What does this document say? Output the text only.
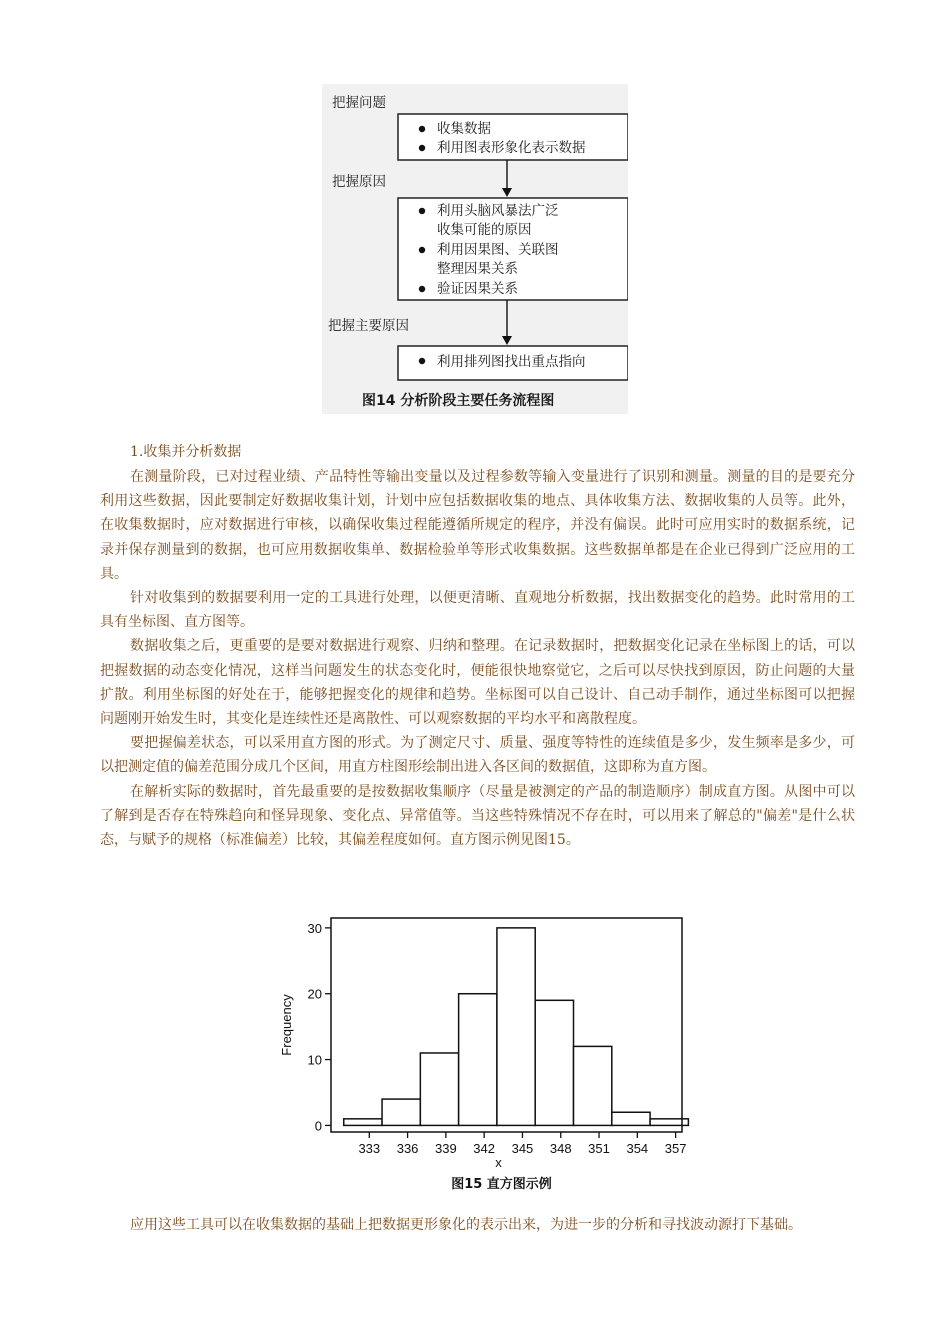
把握问题
收集数据
利用图表形象化表示数据
把握原因
利用头脑风暴法广泛
收集可能的原因
利用因果图、关联图
整理因果关系
验证因果关系
把握主要原因
利用排列图找出重点指向
图14 分析阶段主要任务流程图
1.收集并分析数据

在测量阶段，已对过程业绩、产品特性等输出变量以及过程参数等输入变量进行了识别和测量。测量的目的是要充分利用这些数据，因此要制定好数据收集计划，计划中应包括数据收集的地点、具体收集方法、数据收集的人员等。此外，在收集数据时，应对数据进行审核，以确保收集过程能遵循所规定的程序，并没有偏误。此时可应用实时的数据系统，记录并保存测量到的数据，也可应用数据收集单、数据检验单等形式收集数据。这些数据单都是在企业已得到广泛应用的工具。

针对收集到的数据要利用一定的工具进行处理，以便更清晰、直观地分析数据，找出数据变化的趋势。此时常用的工具有坐标图、直方图等。

数据收集之后，更重要的是要对数据进行观察、归纳和整理。在记录数据时，把数据变化记录在坐标图上的话，可以把握数据的动态变化情况，这样当问题发生的状态变化时，便能很快地察觉它，之后可以尽快找到原因，防止问题的大量扩散。利用坐标图的好处在于，能够把握变化的规律和趋势。坐标图可以自己设计、自己动手制作，通过坐标图可以把握问题刚开始发生时，其变化是连续性还是离散性、可以观察数据的平均水平和离散程度。

要把握偏差状态，可以采用直方图的形式。为了测定尺寸、质量、强度等特性的连续值是多少，发生频率是多少，可以把测定值的偏差范围分成几个区间，用直方柱图形绘制出进入各区间的数据值，这即称为直方图。

在解析实际的数据时，首先最重要的是按数据收集顺序（尽量是被测定的产品的制造顺序）制成直方图。从图中可以了解到是否存在特殊趋向和怪异现象、变化点、异常值等。当这些特殊情况不存在时，可以用来了解总的"偏差"是什么状态，与赋予的规格（标准偏差）比较，其偏差程度如何。直方图示例见图15。

0
10
20
30
333 336 339 342 345 348 351 354 357
Frequency
x
图15 直方图示例

应用这些工具可以在收集数据的基础上把数据更形象化的表示出来，为进一步的分析和寻找波动源打下基础。
